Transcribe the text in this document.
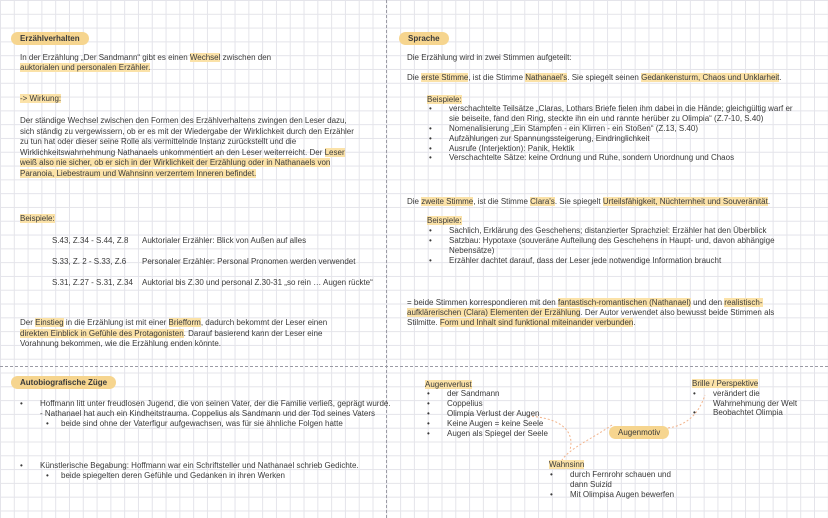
Erzählverhalten
In der Erzählung „Der Sandmann“ gibt es einen Wechsel zwischen den
auktorialen und personalen Erzähler.
-> Wirkung:
Der ständige Wechsel zwischen den Formen des Erzählverhaltens zwingen den Leser dazu,
sich ständig zu vergewissern, ob er es mit der Wiedergabe der Wirklichkeit durch den Erzähler
zu tun hat oder dieser seine Rolle als vermittelnde Instanz zurückstellt und die
Wirklichkeitswahrnehmung Nathanaels unkommentiert an den Leser weiterreicht. Der Leser
weiß also nie sicher, ob er sich in der Wirklichkeit der Erzählung oder in Nathanaels von
Paranoia, Liebestraum und Wahnsinn verzerrtem Inneren befindet.
Beispiele:
S.43, Z.34 - S.44, Z.8 Auktorialer Erzähler: Blick von Außen auf alles
S.33, Z. 2 - S.33, Z.6 Personaler Erzähler: Personal Pronomen werden verwendet
S.31, Z.27 - S.31, Z.34 Auktorial bis Z.30 und personal Z.30-31 „so rein … Augen rückte“
Der Einstieg in die Erzählung ist mit einer Briefform, dadurch bekommt der Leser einen
direkten Einblick in Gefühle des Protagonisten. Darauf basierend kann der Leser eine
Vorahnung bekommen, wie die Erzählung enden könnte.
Sprache
Die Erzählung wird in zwei Stimmen aufgeteilt:
Die erste Stimme, ist die Stimme Nathanael's. Sie spiegelt seinen Gedankensturm, Chaos und Unklarheit.
Beispiele:
• verschachtelte Teilsätze „Claras, Lothars Briefe fielen ihm dabei in die Hände; gleichgültig warf er
sie beiseite, fand den Ring, steckte ihn ein und rannte herüber zu Olimpia“ (Z.7-10, S.40)
• Nomenalisierung „Ein Stampfen - ein Klirren - ein Stoßen“ (Z.13, S.40)
• Aufzählungen zur Spannungssteigerung, Eindringlichkeit
• Ausrufe (Interjektion): Panik, Hektik
• Verschachtelte Sätze: keine Ordnung und Ruhe, sondern Unordnung und Chaos
Die zweite Stimme, ist die Stimme Clara's. Sie spiegelt Urteilsfähigkeit, Nüchternheit und Souveränität.
Beispiele:
• Sachlich, Erklärung des Geschehens; distanzierter Sprachziel: Erzähler hat den Überblick
• Satzbau: Hypotaxe (souveräne Aufteilung des Geschehens in Haupt- und, davon abhängige
Nebensätze)
• Erzähler dachtet darauf, dass der Leser jede notwendige Information braucht
= beide Stimmen korrespondieren mit den fantastisch-romantischen (Nathanael) und den realistisch-
aufklärerischen (Clara) Elementen der Erzählung. Der Autor verwendet also bewusst beide Stimmen als
Stilmitte. Form und Inhalt sind funktional miteinander verbunden.
Autobiografische Züge
• Hoffmann litt unter freudlosen Jugend, die von seinen Vater, der die Familie verließ, geprägt wurde.
- Nathanael hat auch ein Kindheitstrauma. Coppelius als Sandmann und der Tod seines Vaters
• beide sind ohne der Vaterfigur aufgewachsen, was für sie ähnliche Folgen hatte
• Künstlerische Begabung: Hoffmann war ein Schriftsteller und Nathanael schrieb Gedichte.
• beide spiegelten deren Gefühle und Gedanken in ihren Werken
Augenmotiv
Augenverlust
• der Sandmann
• Coppelius
• Olimpia Verlust der Augen
• Keine Augen = keine Seele
• Augen als Spiegel der Seele
Brille / Perspektive
• verändert die
Wahrnehmung der Welt
• Beobachtet Olimpia
Wahnsinn
• durch Fernrohr schauen und
dann Suizid
• Mit Olimpisa Augen bewerfen
